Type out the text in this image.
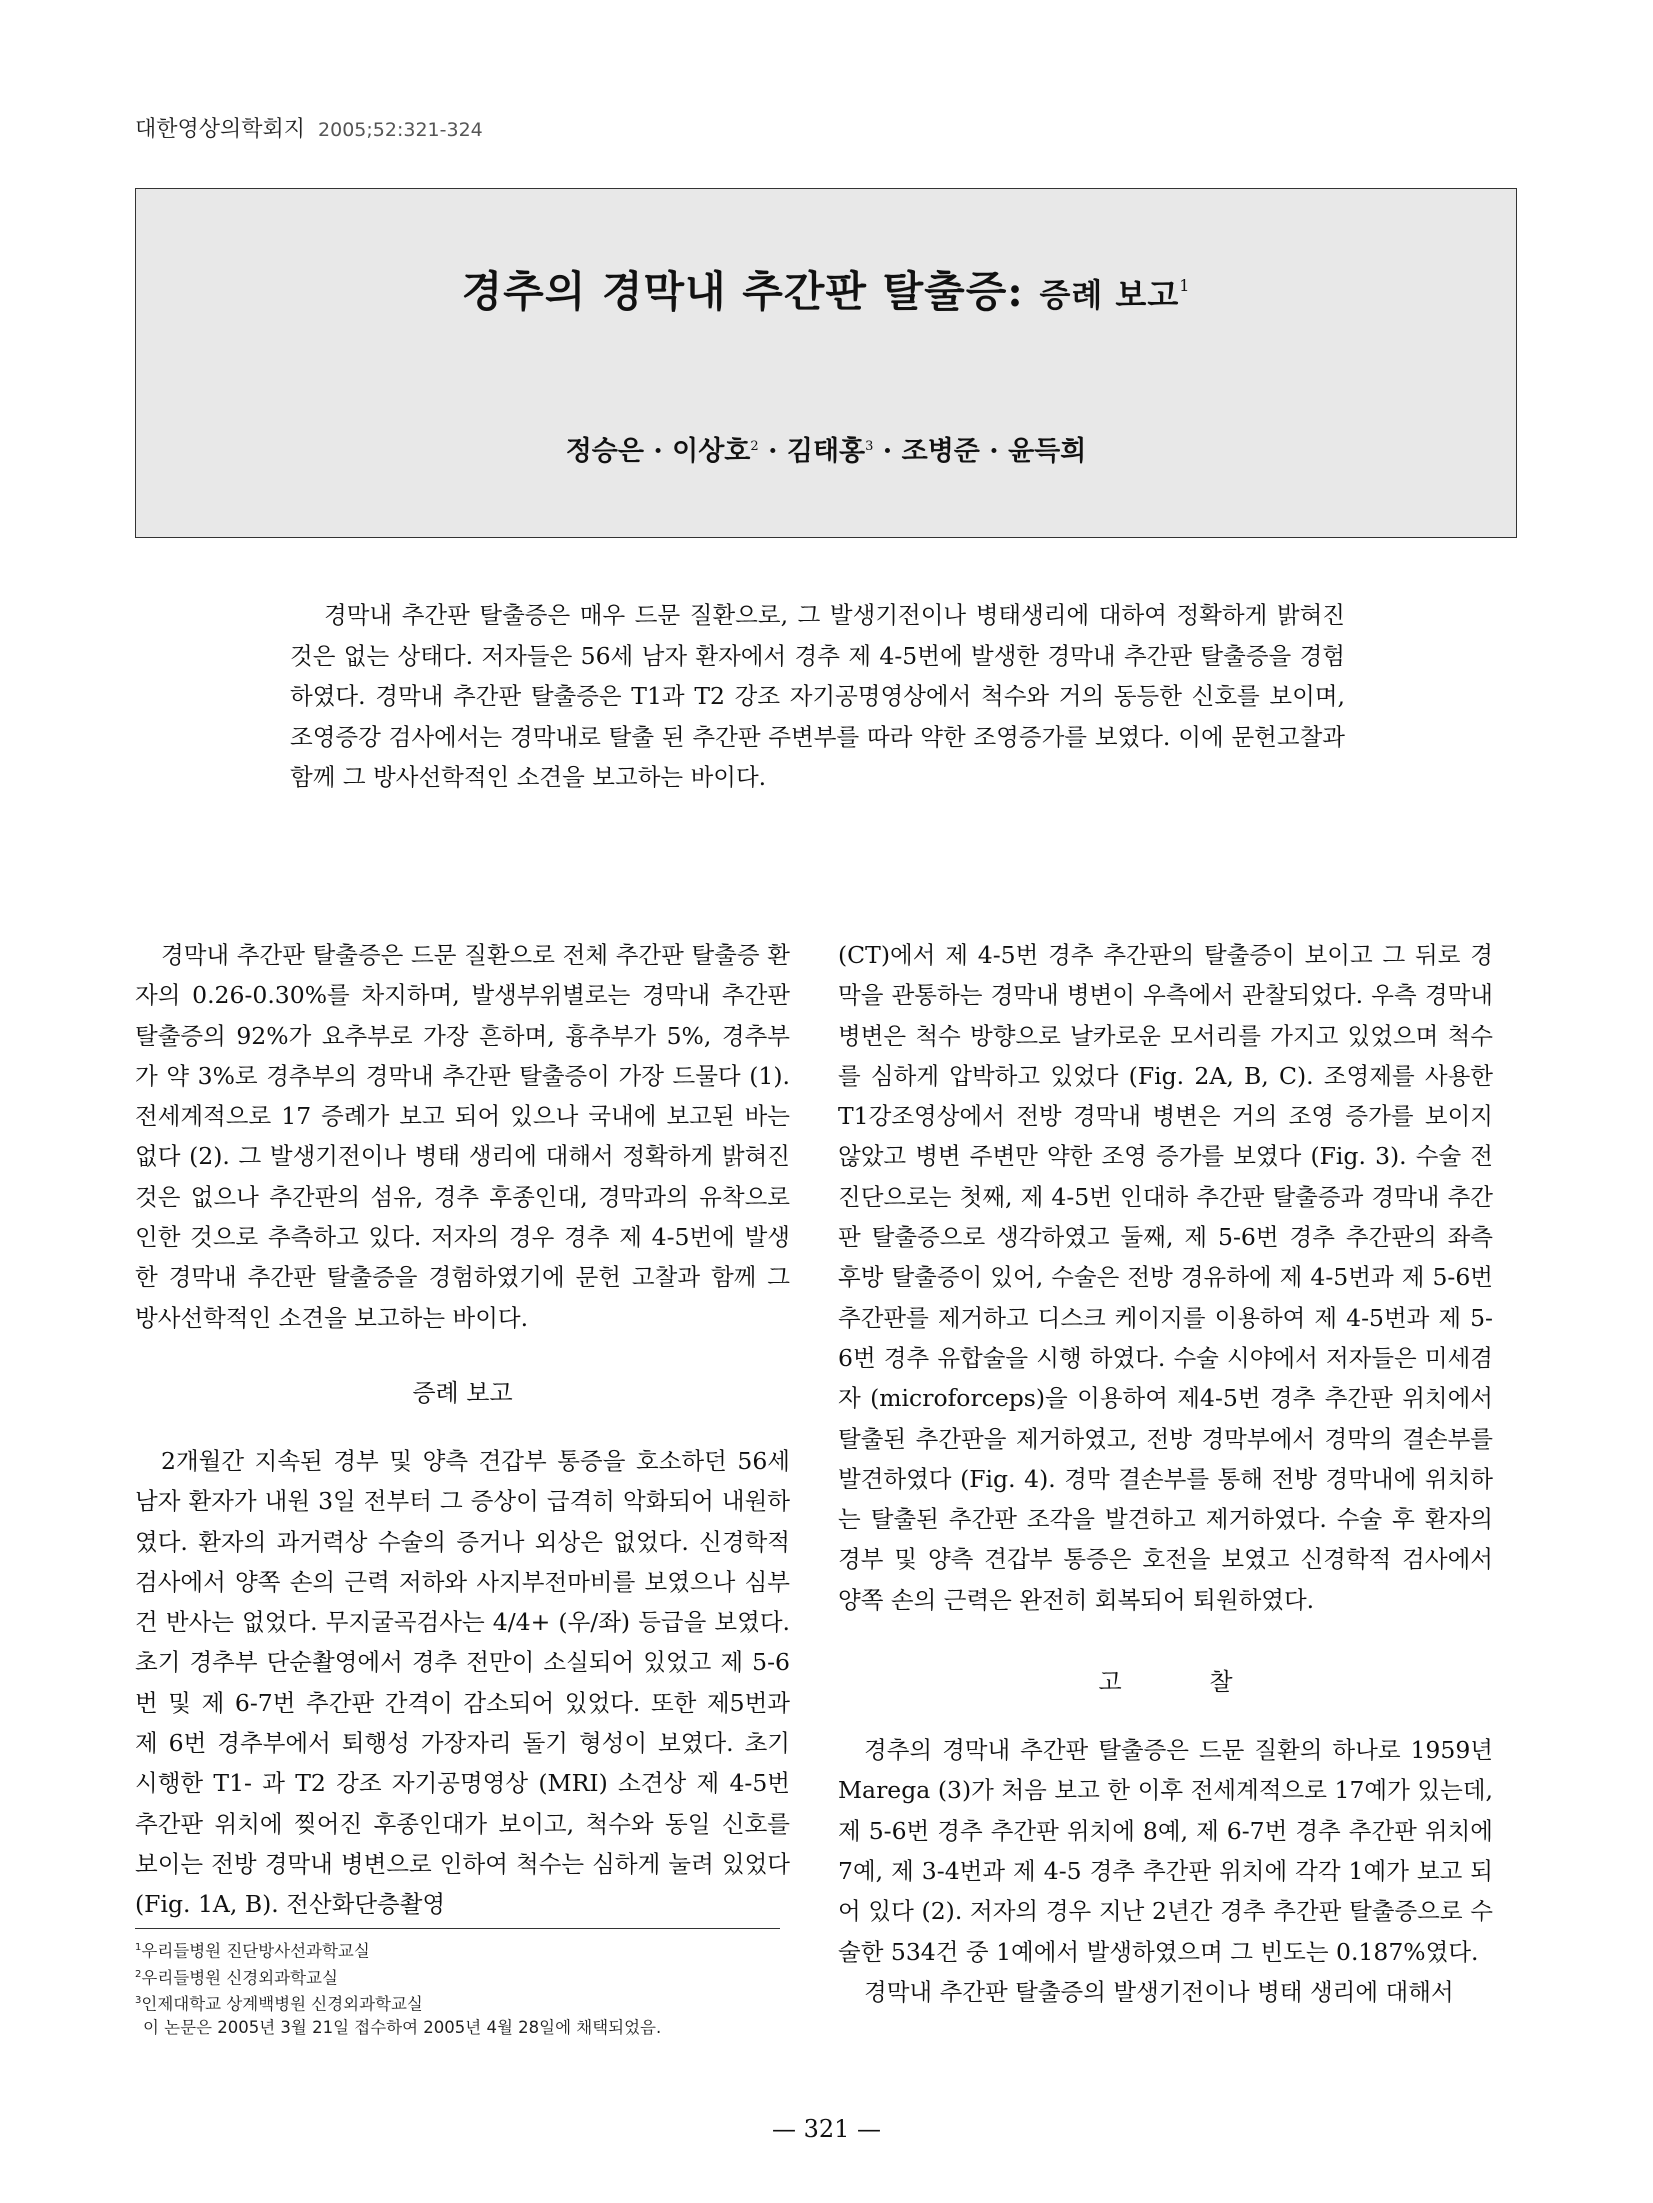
대한영상의학회지 2005;52:321-324
경추의 경막내 추간판 탈출증: 증례 보고$^1$
정승은 · 이상호$^2$ · 김태홍$^3$ · 조병준 · 윤득희
경막내 추간판 탈출증은 매우 드문 질환으로, 그 발생기전이나 병태생리에 대하여 정확하게 밝혀진 것은 없는 상태다. 저자들은 56세 남자 환자에서 경추 제 4-5번에 발생한 경막내 추간판 탈출증을 경험하였다. 경막내 추간판 탈출증은 T1과 T2 강조 자기공명영상에서 척수와 거의 동등한 신호를 보이며, 조영증강 검사에서는 경막내로 탈출 된 추간판 주변부를 따라 약한 조영증가를 보였다. 이에 문헌고찰과 함께 그 방사선학적인 소견을 보고하는 바이다.

경막내 추간판 탈출증은 드문 질환으로 전체 추간판 탈출증 환자의 0.26-0.30%를 차지하며, 발생부위별로는 경막내 추간판 탈출증의 92%가 요추부로 가장 흔하며, 흉추부가 5%, 경추부가 약 3%로 경추부의 경막내 추간판 탈출증이 가장 드물다 (1). 전세계적으로 17 증례가 보고 되어 있으나 국내에 보고된 바는 없다 (2). 그 발생기전이나 병태 생리에 대해서 정확하게 밝혀진 것은 없으나 추간판의 섬유, 경추 후종인대, 경막과의 유착으로 인한 것으로 추측하고 있다. 저자의 경우 경추 제 4-5번에 발생한 경막내 추간판 탈출증을 경험하였기에 문헌 고찰과 함께 그 방사선학적인 소견을 보고하는 바이다.

증례 보고

2개월간 지속된 경부 및 양측 견갑부 통증을 호소하던 56세 남자 환자가 내원 3일 전부터 그 증상이 급격히 악화되어 내원하였다. 환자의 과거력상 수술의 증거나 외상은 없었다. 신경학적 검사에서 양쪽 손의 근력 저하와 사지부전마비를 보였으나 심부건 반사는 없었다. 무지굴곡검사는 4/4+ (우/좌) 등급을 보였다. 초기 경추부 단순촬영에서 경추 전만이 소실되어 있었고 제 5-6번 및 제 6-7번 추간판 간격이 감소되어 있었다. 또한 제5번과 제 6번 경추부에서 퇴행성 가장자리 돌기 형성이 보였다. 초기 시행한 T1- 과 T2 강조 자기공명영상 (MRI) 소견상 제 4-5번 추간판 위치에 찢어진 후종인대가 보이고, 척수와 동일 신호를 보이는 전방 경막내 병변으로 인하여 척수는 심하게 눌려 있었다 (Fig. 1A, B). 전산화단층촬영

(CT)에서 제 4-5번 경추 추간판의 탈출증이 보이고 그 뒤로 경막을 관통하는 경막내 병변이 우측에서 관찰되었다. 우측 경막내 병변은 척수 방향으로 날카로운 모서리를 가지고 있었으며 척수를 심하게 압박하고 있었다 (Fig. 2A, B, C). 조영제를 사용한 T1강조영상에서 전방 경막내 병변은 거의 조영 증가를 보이지 않았고 병변 주변만 약한 조영 증가를 보였다 (Fig. 3). 수술 전 진단으로는 첫째, 제 4-5번 인대하 추간판 탈출증과 경막내 추간판 탈출증으로 생각하였고 둘째, 제 5-6번 경추 추간판의 좌측 후방 탈출증이 있어, 수술은 전방 경유하에 제 4-5번과 제 5-6번 추간판를 제거하고 디스크 케이지를 이용하여 제 4-5번과 제 5-6번 경추 유합술을 시행 하였다. 수술 시야에서 저자들은 미세겸자 (microforceps)을 이용하여 제4-5번 경추 추간판 위치에서 탈출된 추간판을 제거하였고, 전방 경막부에서 경막의 결손부를 발견하였다 (Fig. 4). 경막 결손부를 통해 전방 경막내에 위치하는 탈출된 추간판 조각을 발견하고 제거하였다. 수술 후 환자의 경부 및 양측 견갑부 통증은 호전을 보였고 신경학적 검사에서 양쪽 손의 근력은 완전히 회복되어 퇴원하였다.

고 찰

경추의 경막내 추간판 탈출증은 드문 질환의 하나로 1959년 Marega (3)가 처음 보고 한 이후 전세계적으로 17예가 있는데, 제 5-6번 경추 추간판 위치에 8예, 제 6-7번 경추 추간판 위치에 7예, 제 3-4번과 제 4-5 경추 추간판 위치에 각각 1예가 보고 되어 있다 (2). 저자의 경우 지난 2년간 경추 추간판 탈출증으로 수술한 534건 중 1예에서 발생하였으며 그 빈도는 0.187%였다.

경막내 추간판 탈출증의 발생기전이나 병태 생리에 대해서

$^1$우리들병원 진단방사선과학교실
$^2$우리들병원 신경외과학교실
$^3$인제대학교 상계백병원 신경외과학교실
이 논문은 2005년 3월 21일 접수하여 2005년 4월 28일에 채택되었음.
— 321 —
